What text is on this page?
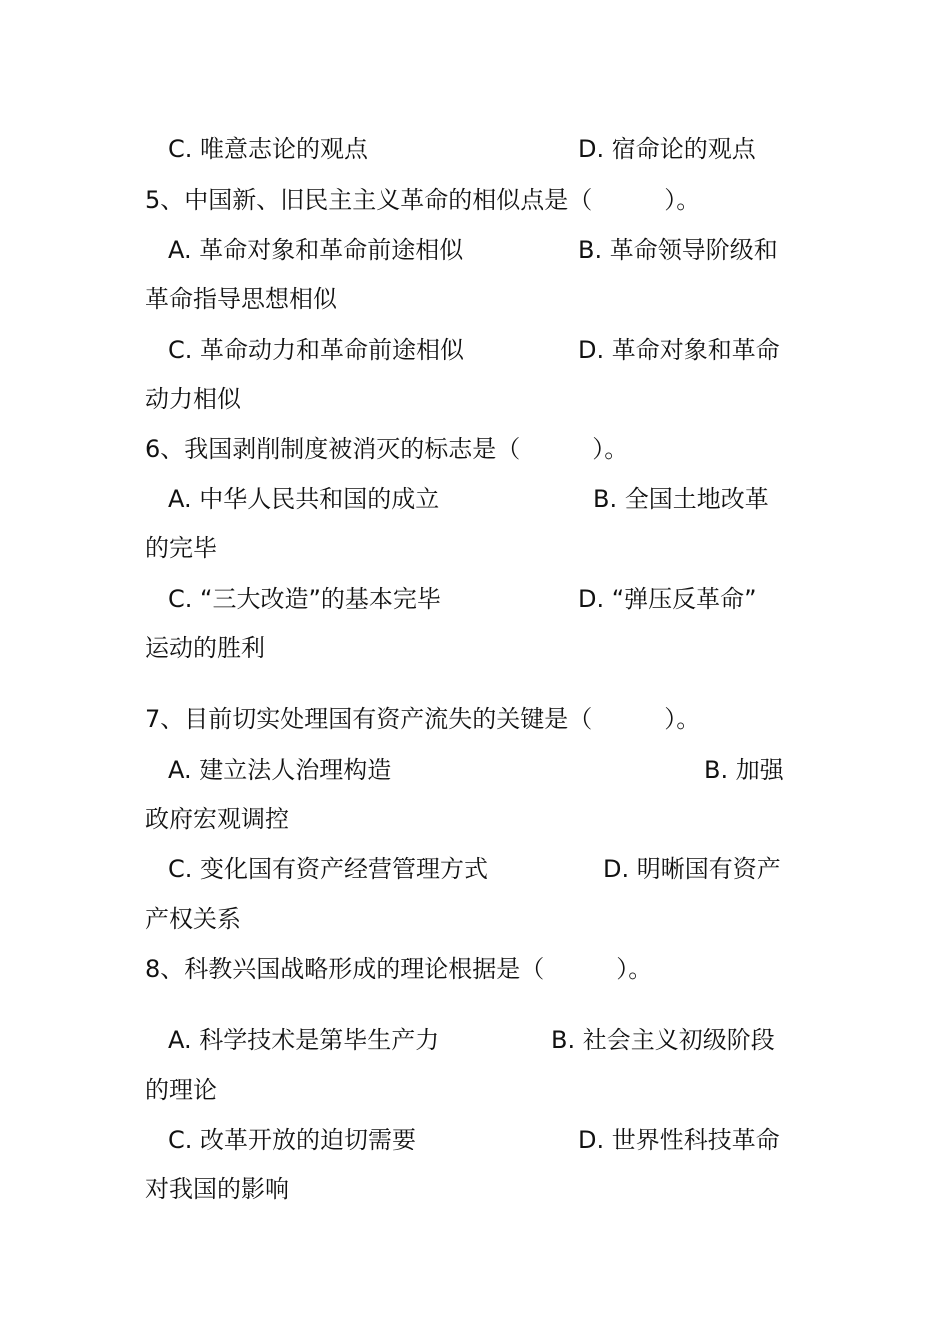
C. 唯意志论的观点	D. 宿命论的观点
5、中国新、旧民主主义革命的相似点是（　　　）。
A. 革命对象和革命前途相似	B. 革命领导阶级和
革命指导思想相似
C. 革命动力和革命前途相似	D. 革命对象和革命
动力相似
6、我国剥削制度被消灭的标志是（　　　）。
A. 中华人民共和国的成立	B. 全国土地改革
的完毕
C. “三大改造”的基本完毕	D. “弹压反革命”
运动的胜利
7、目前切实处理国有资产流失的关键是（　　　）。
A. 建立法人治理构造	B. 加强
政府宏观调控
C. 变化国有资产经营管理方式	D. 明晰国有资产
产权关系
8、科教兴国战略形成的理论根据是（　　　）。
A. 科学技术是第毕生产力	B. 社会主义初级阶段
的理论
C. 改革开放的迫切需要	D. 世界性科技革命
对我国的影响
